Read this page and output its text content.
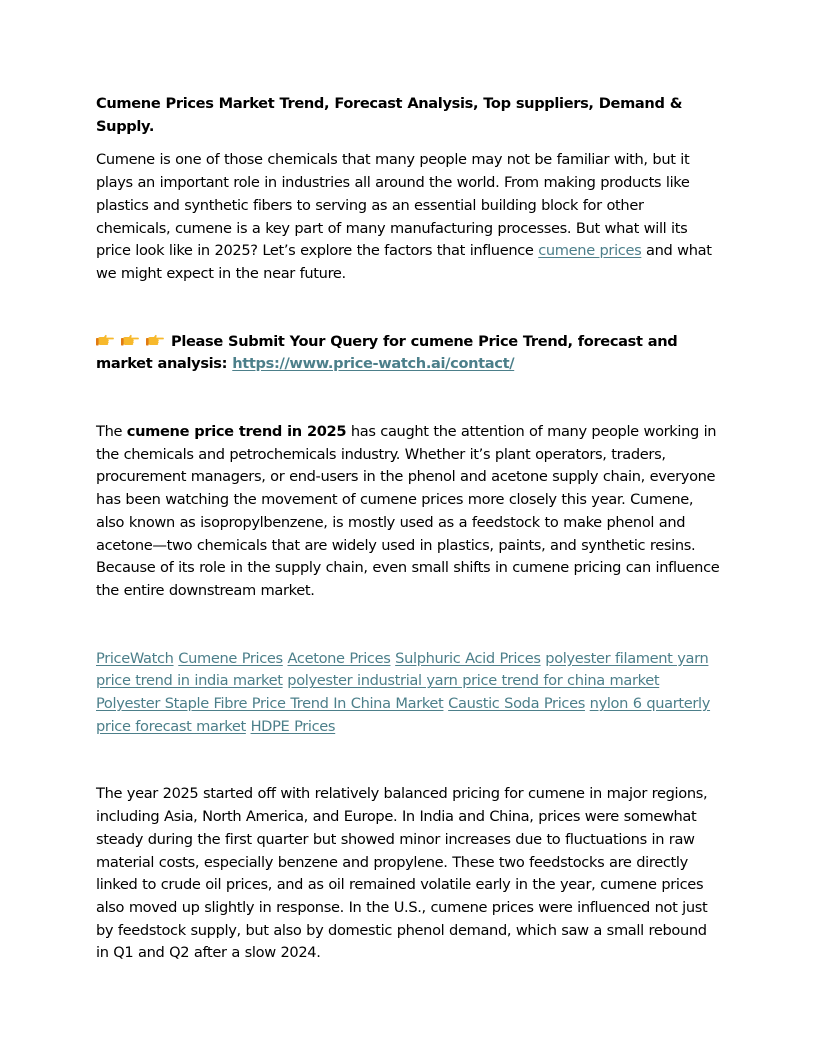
Cumene Prices Market Trend, Forecast Analysis, Top suppliers, Demand & Supply.

Cumene is one of those chemicals that many people may not be familiar with, but it plays an important role in industries all around the world. From making products like plastics and synthetic fibers to serving as an essential building block for other chemicals, cumene is a key part of many manufacturing processes. But what will its price look like in 2025? Let’s explore the factors that influence cumene prices and what we might expect in the near future.

Please Submit Your Query for cumene Price Trend, forecast and market analysis: https://www.price-watch.ai/contact/

The cumene price trend in 2025 has caught the attention of many people working in the chemicals and petrochemicals industry. Whether it’s plant operators, traders, procurement managers, or end-users in the phenol and acetone supply chain, everyone has been watching the movement of cumene prices more closely this year. Cumene, also known as isopropylbenzene, is mostly used as a feedstock to make phenol and acetone—two chemicals that are widely used in plastics, paints, and synthetic resins. Because of its role in the supply chain, even small shifts in cumene pricing can influence the entire downstream market.

PriceWatch Cumene Prices Acetone Prices Sulphuric Acid Prices polyester filament yarn price trend in india market polyester industrial yarn price trend for china market Polyester Staple Fibre Price Trend In China Market Caustic Soda Prices nylon 6 quarterly price forecast market HDPE Prices

The year 2025 started off with relatively balanced pricing for cumene in major regions, including Asia, North America, and Europe. In India and China, prices were somewhat steady during the first quarter but showed minor increases due to fluctuations in raw material costs, especially benzene and propylene. These two feedstocks are directly linked to crude oil prices, and as oil remained volatile early in the year, cumene prices also moved up slightly in response. In the U.S., cumene prices were influenced not just by feedstock supply, but also by domestic phenol demand, which saw a small rebound in Q1 and Q2 after a slow 2024.
